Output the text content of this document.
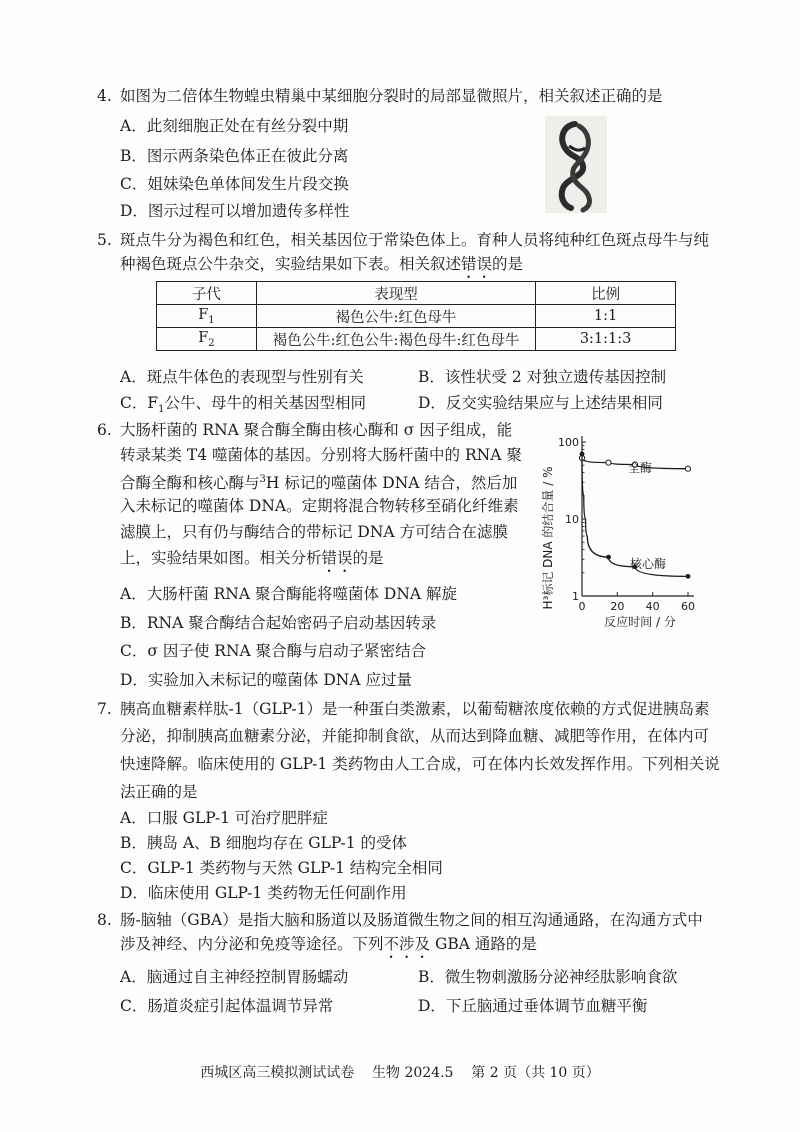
4. 如图为二倍体生物蝗虫精巢中某细胞分裂时的局部显微照片，相关叙述正确的是
A．此刻细胞正处在有丝分裂中期
B．图示两条染色体正在彼此分离
C．姐妹染色单体间发生片段交换
D．图示过程可以增加遗传多样性
5. 斑点牛分为褐色和红色，相关基因位于常染色体上。育种人员将纯种红色斑点母牛与纯
种褐色斑点公牛杂交，实验结果如下表。相关叙述错误的是
子代	表现型	比例
$F_1$	褐色公牛:红色母牛	1:1
$F_2$	褐色公牛:红色公牛:褐色母牛:红色母牛	3:1:1:3
A．斑点牛体色的表现型与性别有关	B．该性状受 2 对独立遗传基因控制
C．$F_1$公牛、母牛的相关基因型相同	D．反交实验结果应与上述结果相同
6. 大肠杆菌的 RNA 聚合酶全酶由核心酶和 σ 因子组成，能
转录某类 T4 噬菌体的基因。分别将大肠杆菌中的 RNA 聚
合酶全酶和核心酶与$^3$H 标记的噬菌体 DNA 结合，然后加
入未标记的噬菌体 DNA。定期将混合物转移至硝化纤维素
滤膜上，只有仍与酶结合的带标记 DNA 方可结合在滤膜
上，实验结果如图。相关分析错误的是
A．大肠杆菌 RNA 聚合酶能将噬菌体 DNA 解旋
B．RNA 聚合酶结合起始密码子启动基因转录
C．σ 因子使 RNA 聚合酶与启动子紧密结合
D．实验加入未标记的噬菌体 DNA 应过量
1
10
100
0 20 40 60
H³标记 DNA 的结合量 / %
反应时间 / 分
全酶
核心酶
7. 胰高血糖素样肽-1（GLP-1）是一种蛋白类激素，以葡萄糖浓度依赖的方式促进胰岛素
分泌，抑制胰高血糖素分泌，并能抑制食欲，从而达到降血糖、减肥等作用，在体内可
快速降解。临床使用的 GLP-1 类药物由人工合成，可在体内长效发挥作用。下列相关说
法正确的是
A．口服 GLP-1 可治疗肥胖症
B．胰岛 A、B 细胞均存在 GLP-1 的受体
C．GLP-1 类药物与天然 GLP-1 结构完全相同
D．临床使用 GLP-1 类药物无任何副作用
8. 肠-脑轴（GBA）是指大脑和肠道以及肠道微生物之间的相互沟通通路，在沟通方式中
涉及神经、内分泌和免疫等途径。下列不涉及 GBA 通路的是
A．脑通过自主神经控制胃肠蠕动	B．微生物刺激肠分泌神经肽影响食欲
C．肠道炎症引起体温调节异常	D．下丘脑通过垂体调节血糖平衡
西城区高三模拟测试试卷 生物 2024.5 第 2 页（共 10 页）
